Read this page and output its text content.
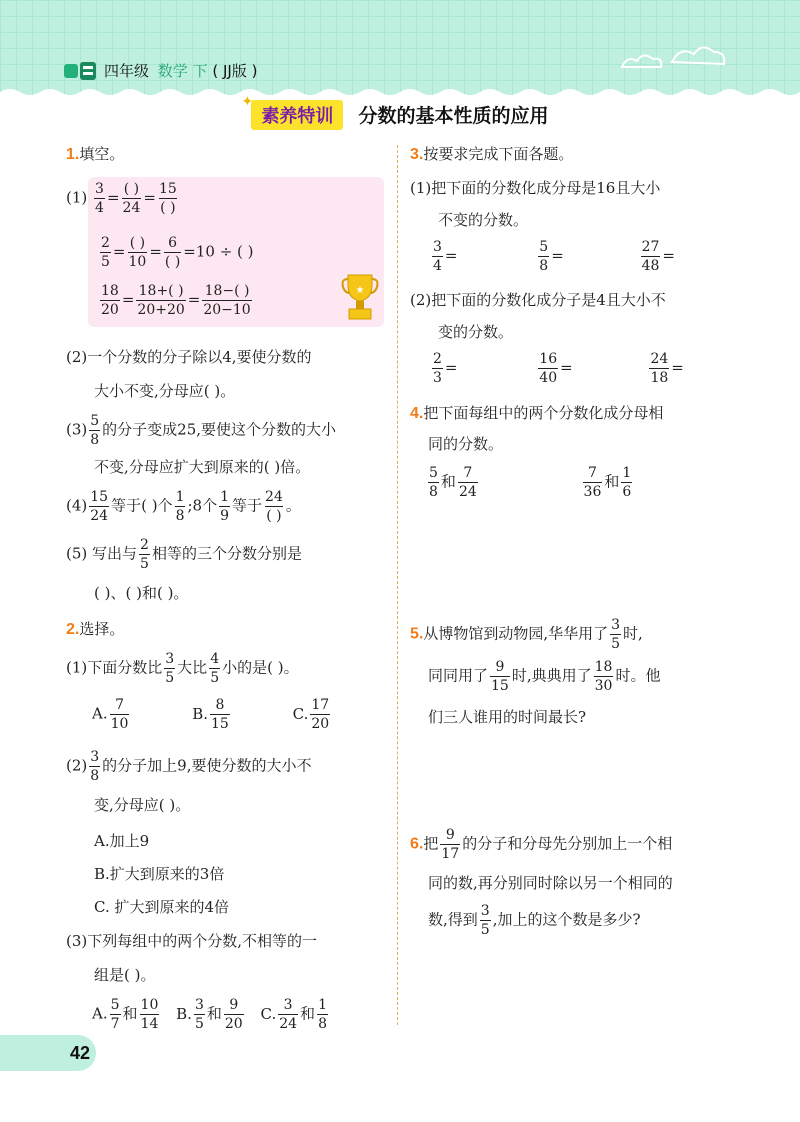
四年级 数学 下 ( JJ版 )
✦
素养特训 分数的基本性质的应用
★
1.填空。
$(1) \frac{3}{4} = \frac{( )}{24} = \frac{15}{( )}$
$\frac{2}{5} = \frac{( )}{10} = \frac{6}{( )} =10$ ÷ ( )
$\frac{18}{20} = \frac{18+( )}{20+20} = \frac{18-( )}{20-10}$
(2)一个分数的分子除以4,要使分数的
大小不变,分母应( )。
$(3) \frac{5}{8}$ 的分子变成25,要使这个分数的大小
不变,分母应扩大到原来的( )倍。
$(4) \frac{15}{24}$ 等于( )个 $\frac{1}{8}$ ;8个 $\frac{1}{9}$ 等于 $\frac{24}{( )}$ 。
(5) 写出与 $\frac{2}{5}$ 相等的三个分数分别是
( )、( )和( )。
2.选择。
(1)下面分数比 $\frac{3}{5}$ 大比 $\frac{4}{5}$ 小的是( )。
A. $\frac{7}{10}$	B. $\frac{8}{15}$	C. $\frac{17}{20}$
$(2) \frac{3}{8}$ 的分子加上9,要使分数的大小不
变,分母应( )。
A.加上9
B.扩大到原来的3倍
C. 扩大到原来的4倍
(3)下列每组中的两个分数,不相等的一
组是( )。
A. $\frac{5}{7}$ 和 $\frac{10}{14} B$. $\frac{3}{5}$ 和 $\frac{9}{20} C$. $\frac{3}{24}$ 和 $\frac{1}{8}$
3.按要求完成下面各题。
(1)把下面的分数化成分母是16且大小
不变的分数。
$\frac{3}{4}$ =	$\frac{5}{8}$ =	$\frac{27}{48}$ =
(2)把下面的分数化成分子是4且大小不
变的分数。
$\frac{2}{3}$ =	$\frac{16}{40}$ =	$\frac{24}{18}$ =
4.把下面每组中的两个分数化成分母相
同的分数。
$\frac{5}{8}$ 和 $\frac{7}{24}$
	$\frac{7}{36}$ 和 $\frac{1}{6}$
5.从博物馆到动物园,华华用了 $\frac{3}{5}$ 时,
同同用了 $\frac{9}{15}$ 时,典典用了 $\frac{18}{30}$ 时。他
们三人谁用的时间最长?
6.把 $\frac{9}{17}$ 的分子和分母先分别加上一个相
同的数,再分别同时除以另一个相同的
数,得到 $\frac{3}{5}$ ,加上的这个数是多少?
42
